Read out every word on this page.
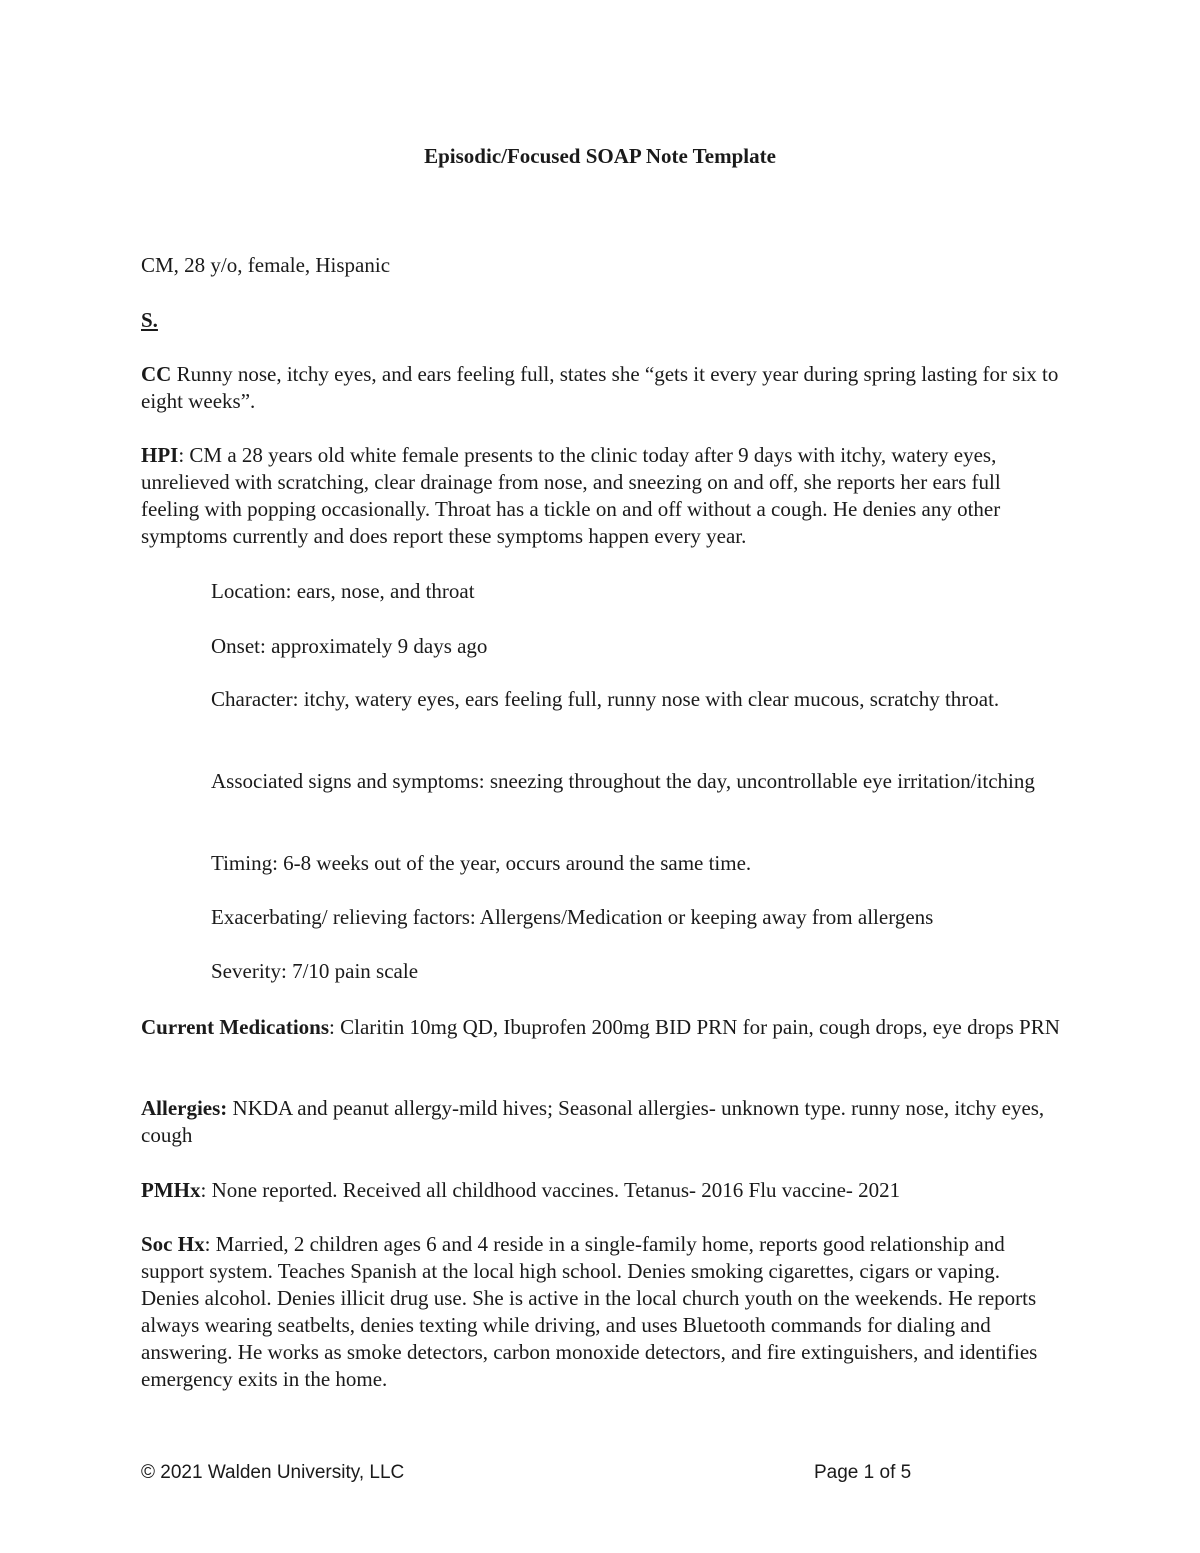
Episodic/Focused SOAP Note Template

CM, 28 y/o, female, Hispanic

S.

CC Runny nose, itchy eyes, and ears feeling full, states she “gets it every year during spring lasting for six to eight weeks”.

HPI: CM a 28 years old white female presents to the clinic today after 9 days with itchy, watery eyes, unrelieved with scratching, clear drainage from nose, and sneezing on and off, she reports her ears full feeling with popping occasionally. Throat has a tickle on and off without a cough. He denies any other symptoms currently and does report these symptoms happen every year.

Location: ears, nose, and throat

Onset: approximately 9 days ago

Character: itchy, watery eyes, ears feeling full, runny nose with clear mucous, scratchy throat.

Associated signs and symptoms: sneezing throughout the day, uncontrollable eye irritation/itching

Timing: 6-8 weeks out of the year, occurs around the same time.

Exacerbating/ relieving factors: Allergens/Medication or keeping away from allergens

Severity: 7/10 pain scale

Current Medications: Claritin 10mg QD, Ibuprofen 200mg BID PRN for pain, cough drops, eye drops PRN

Allergies: NKDA and peanut allergy-mild hives; Seasonal allergies- unknown type. runny nose, itchy eyes, cough

PMHx: None reported. Received all childhood vaccines. Tetanus- 2016 Flu vaccine- 2021

Soc Hx: Married, 2 children ages 6 and 4 reside in a single-family home, reports good relationship and support system. Teaches Spanish at the local high school. Denies smoking cigarettes, cigars or vaping. Denies alcohol. Denies illicit drug use. She is active in the local church youth on the weekends. He reports always wearing seatbelts, denies texting while driving, and uses Bluetooth commands for dialing and answering. He works as smoke detectors, carbon monoxide detectors, and fire extinguishers, and identifies emergency exits in the home.

© 2021 Walden University, LLC	Page 1 of 5
